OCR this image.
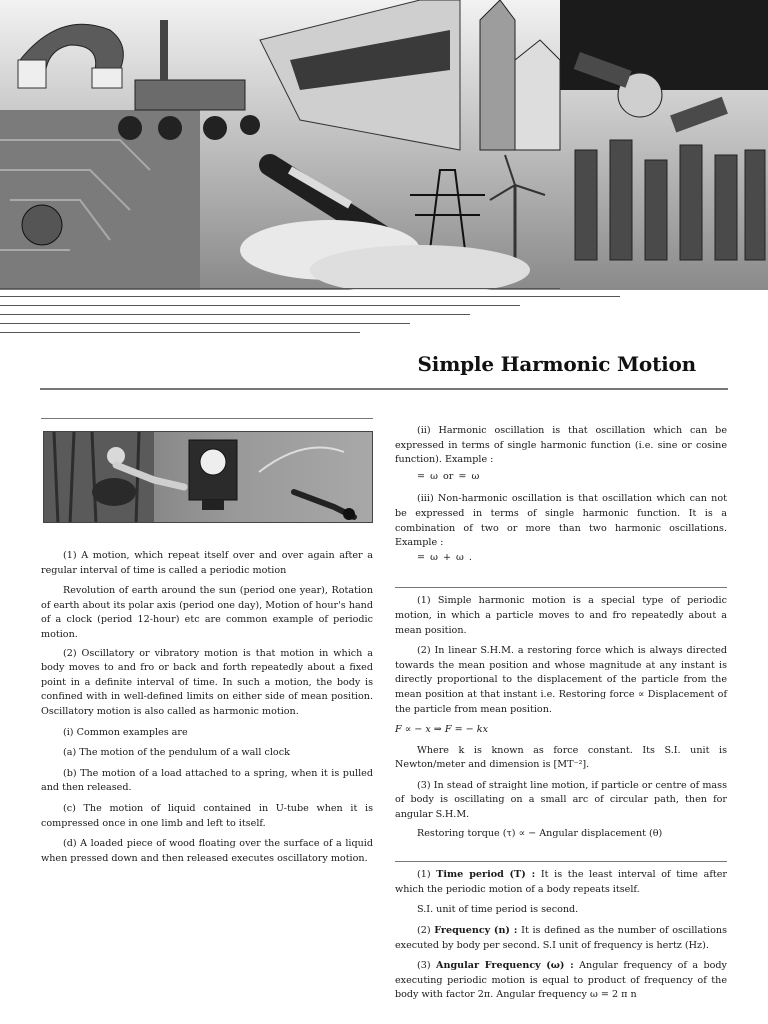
Simple Harmonic Motion

(1) A motion, which repeat itself over and over again after a regular interval of time is called a periodic motion

Revolution of earth around the sun (period one year), Rotation of earth about its polar axis (period one day), Motion of hour's hand of a clock (period 12-hour) etc are common example of periodic motion.

(2) Oscillatory or vibratory motion is that motion in which a body moves to and fro or back and forth repeatedly about a fixed point in a definite interval of time. In such a motion, the body is confined with in well-defined limits on either side of mean position. Oscillatory motion is also called as harmonic motion.

(i) Common examples are

(a) The motion of the pendulum of a wall clock

(b) The motion of a load attached to a spring, when it is pulled and then released.

(c) The motion of liquid contained in U-tube when it is compressed once in one limb and left to itself.

(d) A loaded piece of wood floating over the surface of a liquid when pressed down and then released executes oscillatory motion.

(ii) Harmonic oscillation is that oscillation which can be expressed in terms of single harmonic function (i.e. sine or cosine function). Example :

= ω or = ω

(iii) Non-harmonic oscillation is that oscillation which can not be expressed in terms of single harmonic function. It is a combination of two or more than two harmonic oscillations. Example :

= ω + ω .

(1) Simple harmonic motion is a special type of periodic motion, in which a particle moves to and fro repeatedly about a mean position.

(2) In linear S.H.M. a restoring force which is always directed towards the mean position and whose magnitude at any instant is directly proportional to the displacement of the particle from the mean position at that instant i.e. Restoring force ∝ Displacement of the particle from mean position.

F ∝ − x ⇒ F = − kx

Where k is known as force constant. Its S.I. unit is Newton/meter and dimension is [MT⁻²].

(3) In stead of straight line motion, if particle or centre of mass of body is oscillating on a small arc of circular path, then for angular S.H.M.

Restoring torque (τ) ∝ − Angular displacement (θ)

(1) Time period (T) : It is the least interval of time after which the periodic motion of a body repeats itself.

S.I. unit of time period is second.

(2) Frequency (n) : It is defined as the number of oscillations executed by body per second. S.I unit of frequency is hertz (Hz).

(3) Angular Frequency (ω) : Angular frequency of a body executing periodic motion is equal to product of frequency of the body with factor 2π. Angular frequency ω = 2 π n
